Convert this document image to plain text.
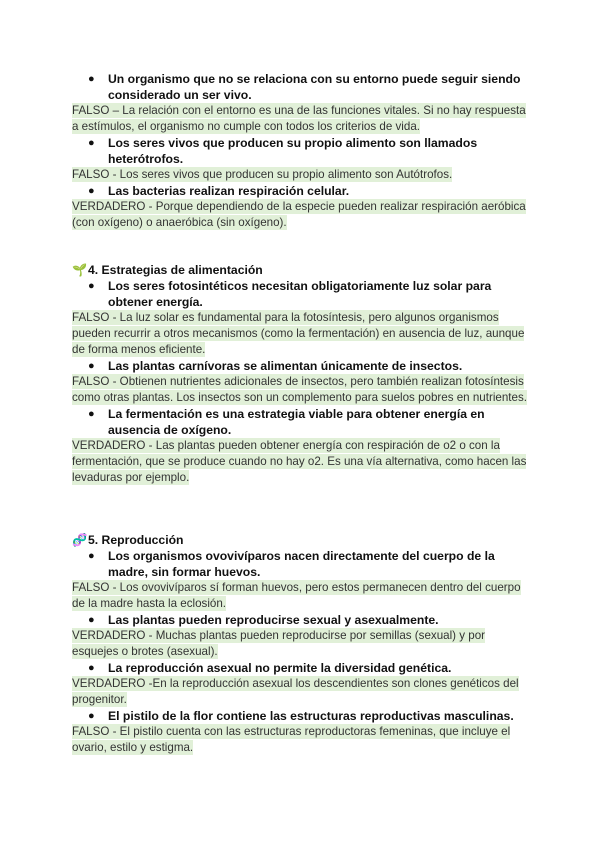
● Un organismo que no se relaciona con su entorno puede seguir siendo considerado un ser vivo.

FALSO – La relación con el entorno es una de las funciones vitales. Si no hay respuesta a estímulos, el organismo no cumple con todos los criterios de vida.

● Los seres vivos que producen su propio alimento son llamados heterótrofos.

FALSO - Los seres vivos que producen su propio alimento son Autótrofos.

● Las bacterias realizan respiración celular.

VERDADERO - Porque dependiendo de la especie pueden realizar respiración aeróbica (con oxígeno) o anaeróbica (sin oxígeno).

🌱4. Estrategias de alimentación
● Los seres fotosintéticos necesitan obligatoriamente luz solar para obtener energía.

FALSO - La luz solar es fundamental para la fotosíntesis, pero algunos organismos pueden recurrir a otros mecanismos (como la fermentación) en ausencia de luz, aunque de forma menos eficiente.

● Las plantas carnívoras se alimentan únicamente de insectos.

FALSO - Obtienen nutrientes adicionales de insectos, pero también realizan fotosíntesis como otras plantas. Los insectos son un complemento para suelos pobres en nutrientes.

● La fermentación es una estrategia viable para obtener energía en ausencia de oxígeno.

VERDADERO - Las plantas pueden obtener energía con respiración de o2 o con la fermentación, que se produce cuando no hay o2. Es una vía alternativa, como hacen las levaduras por ejemplo.

🧬5. Reproducción
● Los organismos ovovivíparos nacen directamente del cuerpo de la madre, sin formar huevos.

FALSO - Los ovovivíparos sí forman huevos, pero estos permanecen dentro del cuerpo de la madre hasta la eclosión.

● Las plantas pueden reproducirse sexual y asexualmente.

VERDADERO - Muchas plantas pueden reproducirse por semillas (sexual) y por esquejes o brotes (asexual).

● La reproducción asexual no permite la diversidad genética.

VERDADERO -En la reproducción asexual los descendientes son clones genéticos del progenitor.

● El pistilo de la flor contiene las estructuras reproductivas masculinas.

FALSO - El pistilo cuenta con las estructuras reproductoras femeninas, que incluye el ovario, estilo y estigma.
